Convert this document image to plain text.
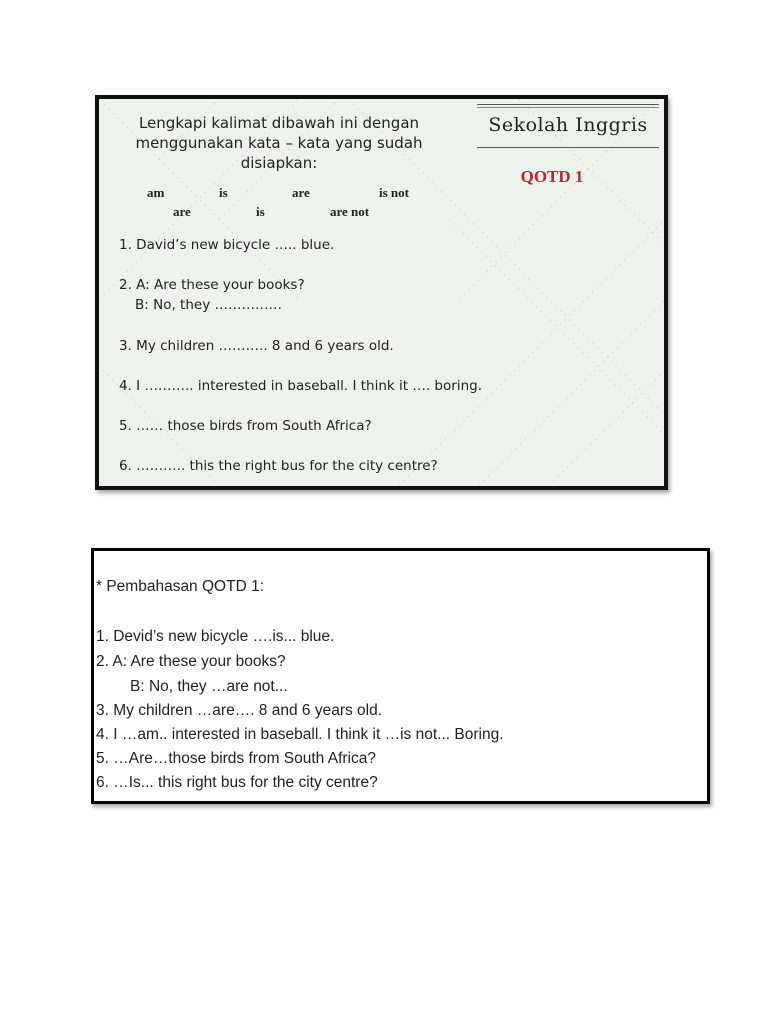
Lengkapi kalimat dibawah ini dengan
menggunakan kata – kata yang sudah
disiapkan:
Sekolah Inggris
QOTD 1
am	is	are	is not
are	is	are not
1. David’s new bicycle ….. blue.
2. A: Are these your books?
B: No, they ……………
3. My children ……….. 8 and 6 years old.
4. I ……….. interested in baseball. I think it …. boring.
5. …… those birds from South Africa?
6. ……….. this the right bus for the city centre?
* Pembahasan QOTD 1:
1. Devid’s new bicycle ….is... blue.
2. A: Are these your books?
B: No, they …are not...
3. My children …are…. 8 and 6 years old.
4. I …am.. interested in baseball. I think it …is not... Boring.
5. …Are…those birds from South Africa?
6. …Is... this right bus for the city centre?
